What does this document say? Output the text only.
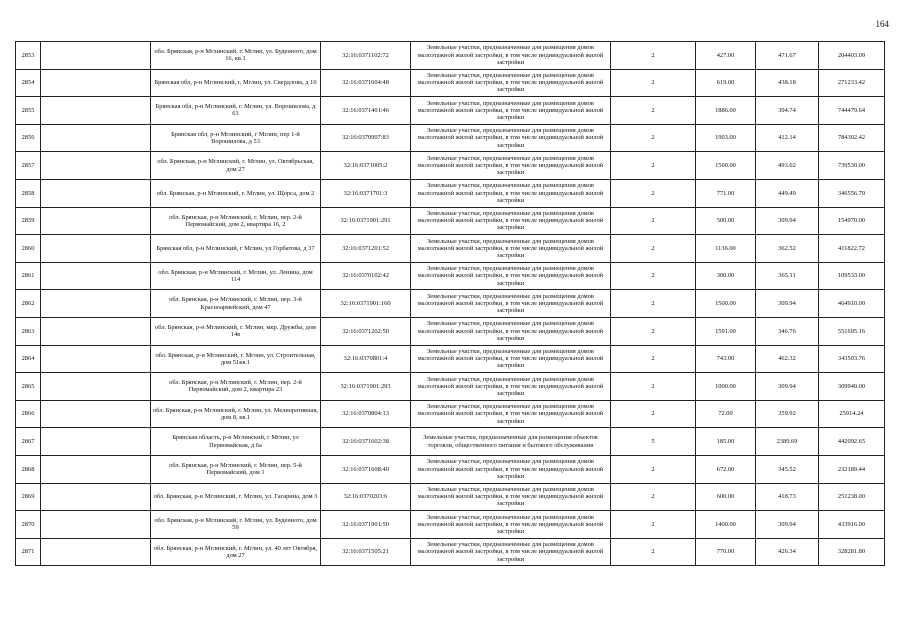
164
2853		обл. Брянская, р-н Мглинский, г. Мглин, ул. Буденного, дом 16, кв.1	32:16:0371102:72	Земельные участки, предназначенные для размещения домов малоэтажной жилой застройки, в том числе индивидуальной жилой застройки	2	427.00	471.67	204403.09
2854		Брянская обл, р-н Мглинский, г. Мглин, ул. Свердлова, д 10	32:16:0371604:48	Земельные участки, предназначенные для размещения домов малоэтажной жилой застройки, в том числе индивидуальной жилой застройки	2	619.00	438.18	271233.42
2855		Брянская обл, р-н Мглинский, г. Мглин, ул. Ворошилова, д 63	32:16:0371401:46	Земельные участки, предназначенные для размещения домов малоэтажной жилой застройки, в том числе индивидуальной жилой застройки	2	1886.00	394.74	744479.64
2856		Брянская обл, р-н Мглинский, г Мглин, пер 1-й Ворошилова, д 53	32:16:0370907:83	Земельные участки, предназначенные для размещения домов малоэтажной жилой застройки, в том числе индивидуальной жилой застройки	2	1903.00	412.14	784302.42
2857		обл. Брянская, р-н Мглинский, г. Мглин, ул. Октябрьская, дом 27	32:16:0371005:2	Земельные участки, предназначенные для размещения домов малоэтажной жилой застройки, в том числе индивидуальной жилой застройки	2	1500.00	493.02	739530.00
2858		обл. Брянская, р-н Мглинский, г. Мглин, ул. Щорса, дом 2	32:16:0371701:3	Земельные участки, предназначенные для размещения домов малоэтажной жилой застройки, в том числе индивидуальной жилой застройки	2	771.00	449.49	346556.79
2859		обл. Брянская, р-н Мглинский, г. Мглин, пер. 2-й Первомайский, дом 2, квартира 16, 2	32:16:0371901:291	Земельные участки, предназначенные для размещения домов малоэтажной жилой застройки, в том числе индивидуальной жилой застройки	2	500.00	309.94	154970.00
2860		Брянская обл, р-н Мглинский, г Мглин, ул Горбатова, д 37	32:16:0371201:52	Земельные участки, предназначенные для размещения домов малоэтажной жилой застройки, в том числе индивидуальной жилой застройки	2	1136.00	362.52	411822.72
2861		обл. Брянская, р-н Мглинский, г. Мглин, ул. Ленина, дом 114	32:16:0370102:42	Земельные участки, предназначенные для размещения домов малоэтажной жилой застройки, в том числе индивидуальной жилой застройки	2	300.00	365.11	109533.00
2862		обл. Брянская, р-н Мглинский, г. Мглин, пер. 3-й Красноармейский, дом 47	32:16:0371901:160	Земельные участки, предназначенные для размещения домов малоэтажной жилой застройки, в том числе индивидуальной жилой застройки	2	1500.00	309.94	464910.00
2863		обл. Брянская, р-н Мглинский, г. Мглин, мкр. Дружбы, дом 14в	32:16:0371202:50	Земельные участки, предназначенные для размещения домов малоэтажной жилой застройки, в том числе индивидуальной жилой застройки	2	1591.00	346.76	551695.16
2864		обл. Брянская, р-н Мглинский, г. Мглин, ул. Строительная, дом 51кв.1	32:16:0370801:4	Земельные участки, предназначенные для размещения домов малоэтажной жилой застройки, в том числе индивидуальной жилой застройки	2	743.00	462.32	343503.76
2865		обл. Брянская, р-н Мглинский, г. Мглин, пер. 2-й Первомайский, дом 2, квартира 23	32:16:0371901:293	Земельные участки, предназначенные для размещения домов малоэтажной жилой застройки, в том числе индивидуальной жилой застройки	2	1000.00	309.94	309940.00
2866		обл. Брянская, р-н Мглинский, г. Мглин, ул. Мелиоративная, дом 8, кв.1	32:16:0370804:13	Земельные участки, предназначенные для размещения домов малоэтажной жилой застройки, в том числе индивидуальной жилой застройки	2	72.00	359.92	25914.24
2867		Брянская область, р-н Мглинский, г Мглин, ул Первомайская, д 6а	32:16:0371602:38	Земельные участки, предназначенные для размещения объектов торговли, общественного питания и бытового обслуживания	5	185.00	2389.69	442092.65
2868		обл. Брянская, р-н Мглинский, г. Мглин, пер. 5-й Первомайский, дом 1	32:16:0371608:40	Земельные участки, предназначенные для размещения домов малоэтажной жилой застройки, в том числе индивидуальной жилой застройки	2	672.00	345.52	232189.44
2869		обл. Брянская, р-н Мглинский, г. Мглин, ул. Гагарина, дом 3	32:16:0370203:6	Земельные участки, предназначенные для размещения домов малоэтажной жилой застройки, в том числе индивидуальной жилой застройки	2	600.00	418.73	251238.00
2870		обл. Брянская, р-н Мглинский, г. Мглин, ул. Буденного, дом 59	32:16:0371901:50	Земельные участки, предназначенные для размещения домов малоэтажной жилой застройки, в том числе индивидуальной жилой застройки	2	1400.00	309.94	433916.00
2871		обл. Брянская, р-н Мглинский, г. Мглин, ул. 40 лет Октября, дом 27	32:16:0371505:21	Земельные участки, предназначенные для размещения домов малоэтажной жилой застройки, в том числе индивидуальной жилой застройки	2	770.00	426.34	328281.80
